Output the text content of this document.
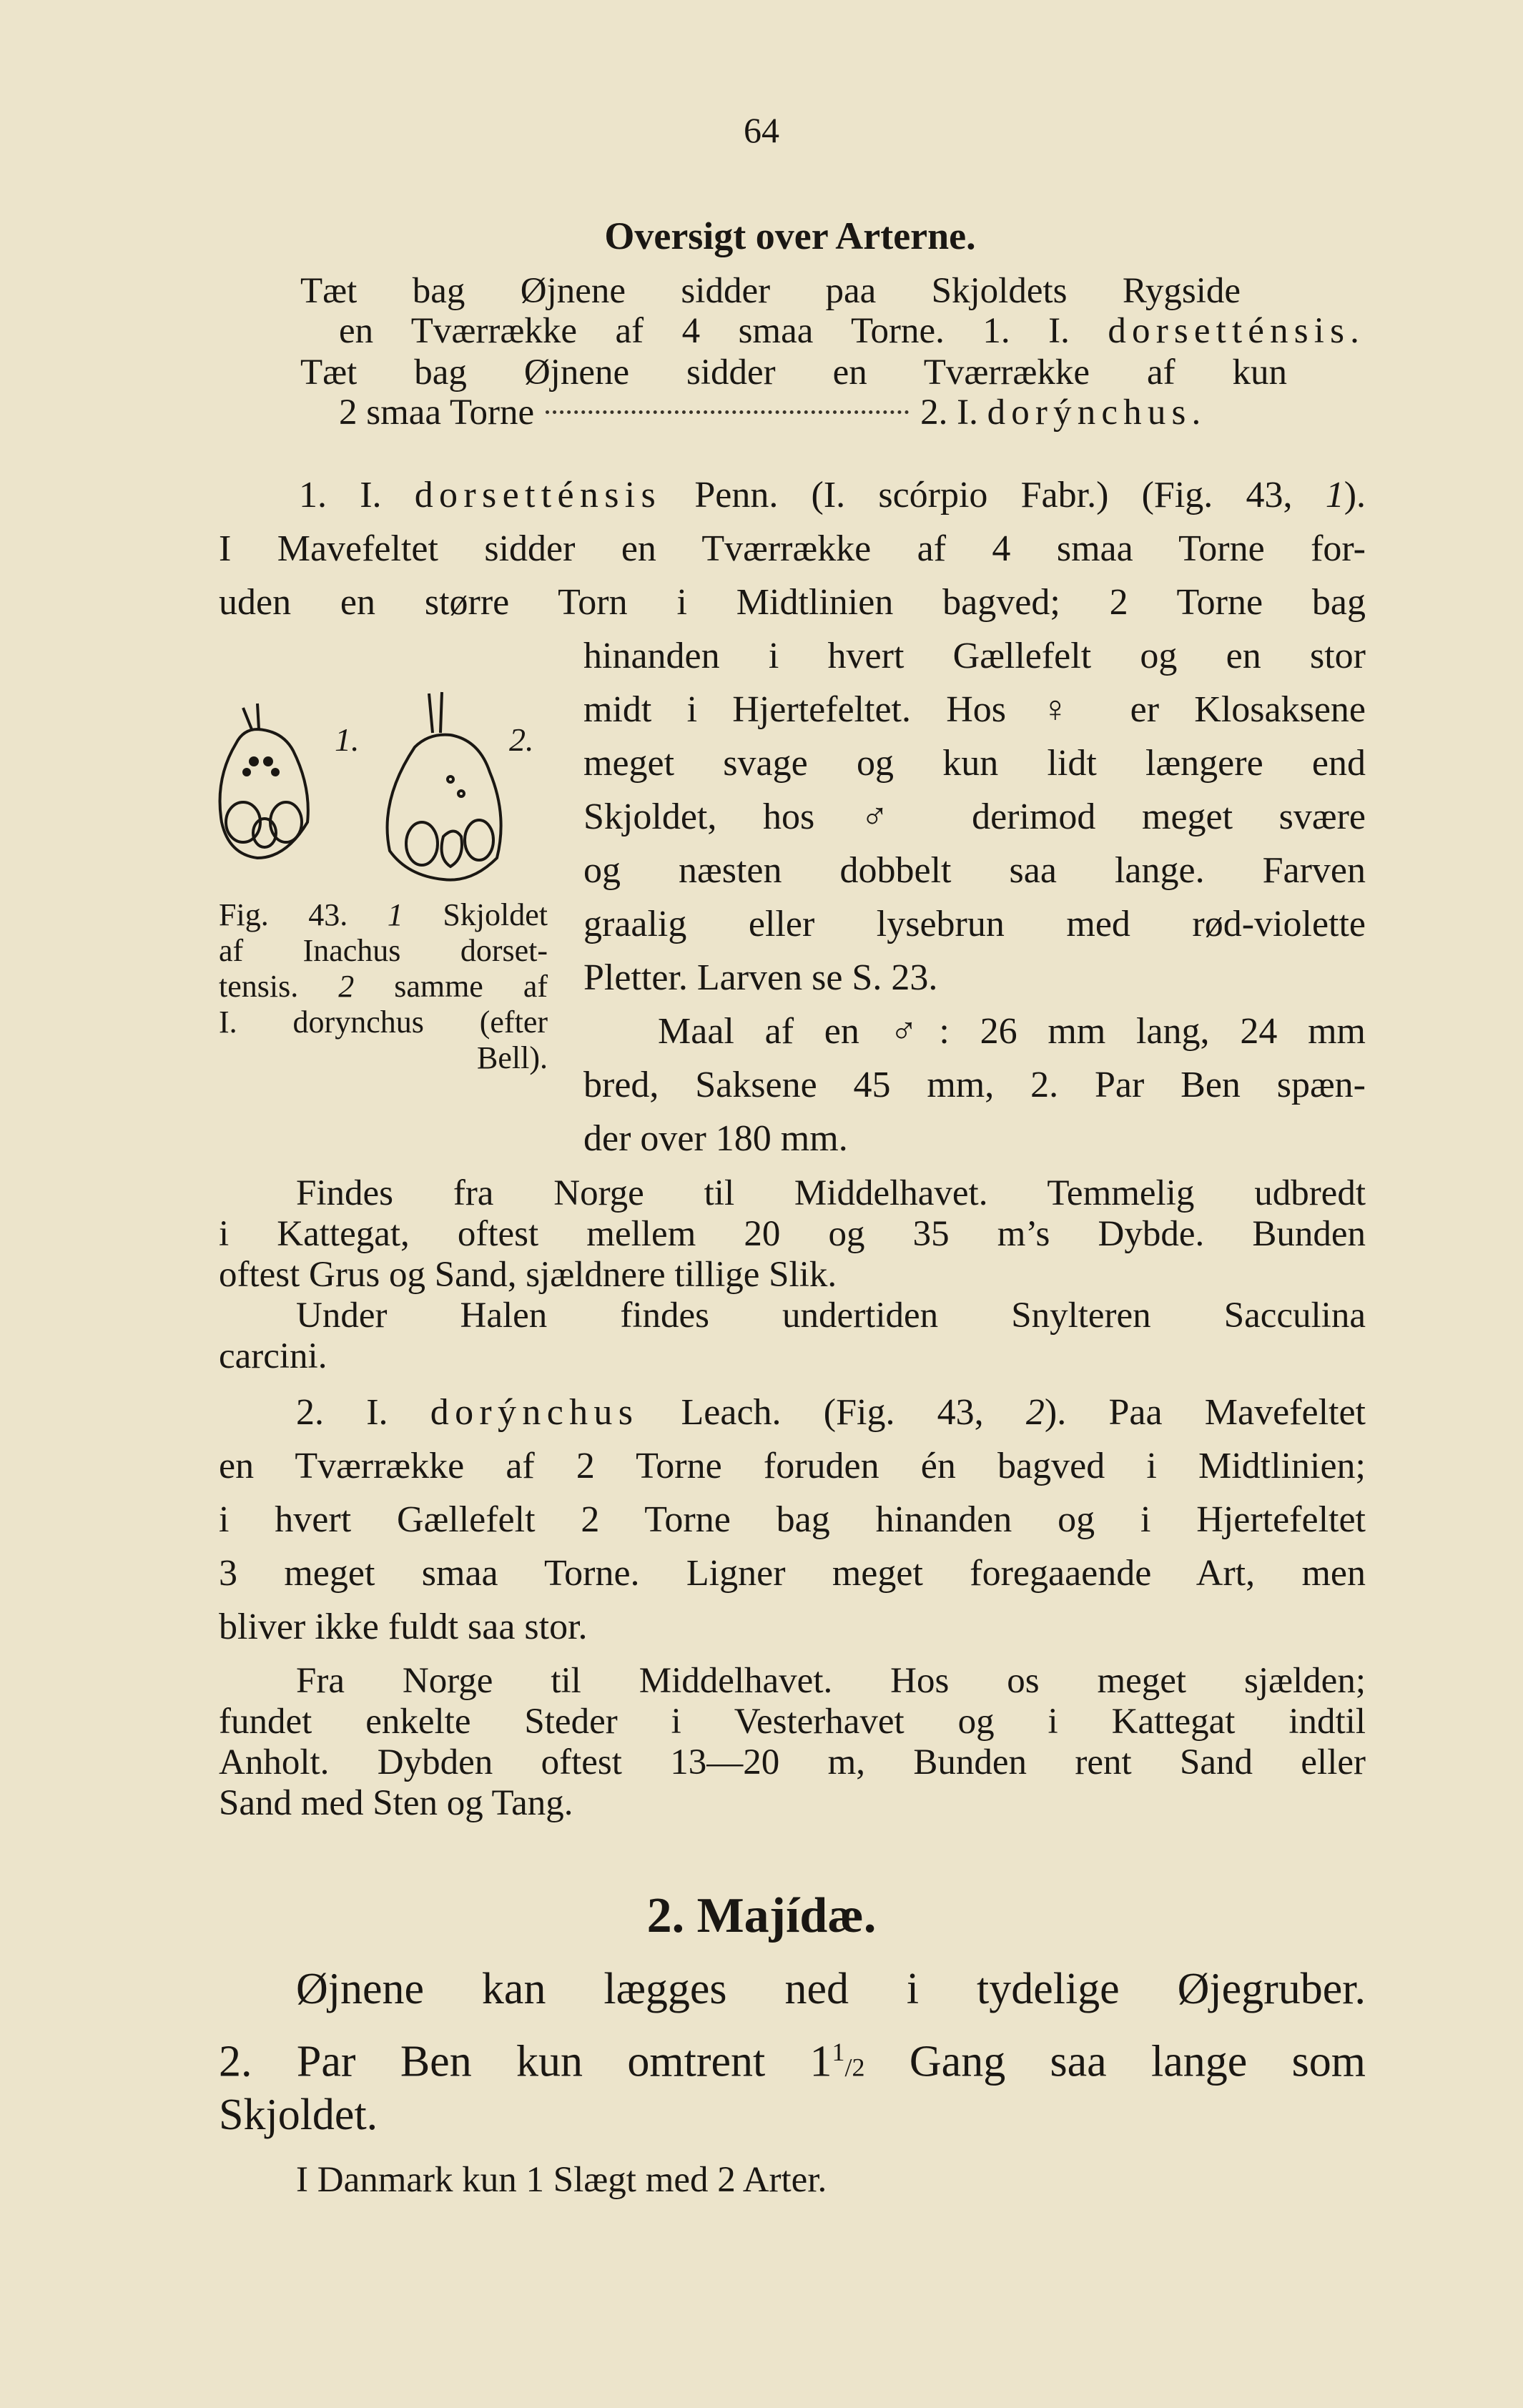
64
Oversigt over Arterne.
Tæt bag Øjnene sidder paa Skjoldets Rygside
en Tværrække af 4 smaa Torne. 1. I. dorsetténsis.
Tæt bag Øjnene sidder en Tværrække af kun
2 smaa Torne	2. I. dorýnchus.
1. I. dorsetténsis Penn. (I. scórpio Fabr.) (Fig. 43, 1).
I Mavefeltet sidder en Tværrække af 4 smaa Torne for-
uden en større Torn i Midtlinien bagved; 2 Torne bag
hinanden i hvert Gællefelt og en stor
midt i Hjertefeltet. Hos ♀ er Klosaksene
meget svage og kun lidt længere end
Skjoldet, hos ♂ derimod meget svære
og næsten dobbelt saa lange. Farven
graalig eller lysebrun med rød-violette
Pletter. Larven se S. 23.
Maal af en ♂: 26 mm lang, 24 mm
bred, Saksene 45 mm, 2. Par Ben spæn-
der over 180 mm.
1.	2.
Fig. 43. 1 Skjoldet
af Inachus dorset-
tensis. 2 samme af
I. dorynchus (efter
Bell).
Findes fra Norge til Middelhavet. Temmelig udbredt
i Kattegat, oftest mellem 20 og 35 m’s Dybde. Bunden
oftest Grus og Sand, sjældnere tillige Slik.
Under Halen findes undertiden Snylteren Sacculina
carcini.
2. I. dorýnchus Leach. (Fig. 43, 2). Paa Mavefeltet
en Tværrække af 2 Torne foruden én bagved i Midtlinien;
i hvert Gællefelt 2 Torne bag hinanden og i Hjertefeltet
3 meget smaa Torne. Ligner meget foregaaende Art, men
bliver ikke fuldt saa stor.
Fra Norge til Middelhavet. Hos os meget sjælden;
fundet enkelte Steder i Vesterhavet og i Kattegat indtil
Anholt. Dybden oftest 13—20 m, Bunden rent Sand eller
Sand med Sten og Tang.
2. Majídæ.
Øjnene kan lægges ned i tydelige Øjegruber.
2. Par Ben kun omtrent $1^1/2$ Gang saa lange som
Skjoldet.
I Danmark kun 1 Slægt med 2 Arter.
